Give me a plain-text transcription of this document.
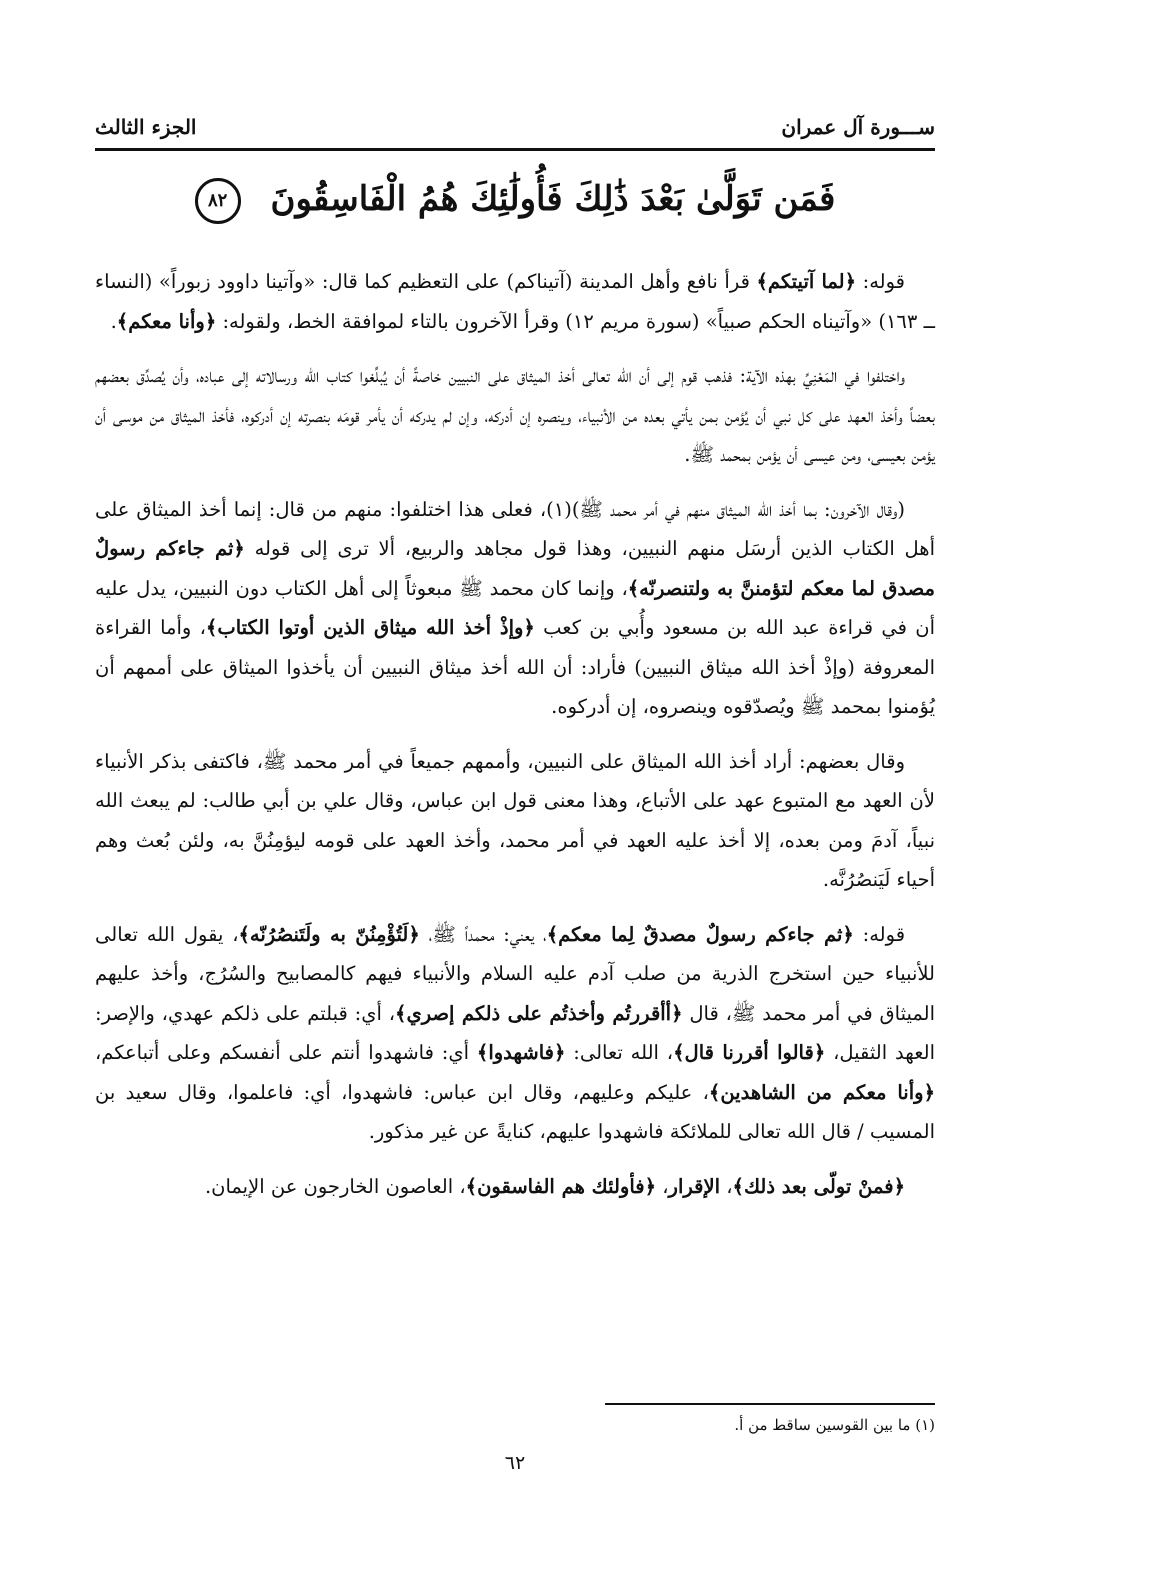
ســـورة آل عمران
الجزء الثالث
فَمَن تَوَلَّىٰ بَعْدَ ذَٰلِكَ فَأُولَٰئِكَ هُمُ الْفَاسِقُونَ ٨٢

قوله: ﴿لما آتيتكم﴾ قرأ نافع وأهل المدينة (آتيناكم) على التعظيم كما قال: «وآتينا داوود زبوراً» (النساء ــ ١٦٣) «وآتيناه الحكم صبياً» (سورة مريم ١٢) وقرأ الآخرون بالتاء لموافقة الخط، ولقوله: ﴿وأنا معكم﴾.

واختلفوا في المَعْنِيِّ بهذه الآية: فذهب قوم إلى أن الله تعالى أخذ الميثاق على النبيين خاصةً أن يُبلِّغوا كتاب الله ورسالاته إلى عباده، وأن يُصدِّق بعضهم بعضاً وأخذ العهد على كل نبي أن يُؤمن بمن يأتي بعده من الأنبياء، وينصره إن أدركه، وإن لم يدركه أن يأمر قومَه بنصرته إن أدركوه، فأخذ الميثاق من موسى أن يؤمن بعيسى، ومن عيسى أن يؤمن بمحمد ﷺ.

(وقال الآخرون: بما أخذ الله الميثاق منهم في أمر محمد ﷺ)(١)، فعلى هذا اختلفوا: منهم من قال: إنما أخذ الميثاق على أهل الكتاب الذين أرسَل منهم النبيين، وهذا قول مجاهد والربيع، ألا ترى إلى قوله ﴿ثم جاءكم رسولٌ مصدق لما معكم لتؤمننَّ به ولتنصرنّه﴾، وإنما كان محمد ﷺ مبعوثاً إلى أهل الكتاب دون النبيين، يدل عليه أن في قراءة عبد الله بن مسعود وأُبي بن كعب ﴿وإذْ أخذ الله ميثاق الذين أوتوا الكتاب﴾، وأما القراءة المعروفة (وإذْ أخذ الله ميثاق النبيين) فأراد: أن الله أخذ ميثاق النبيين أن يأخذوا الميثاق على أممهم أن يُؤمنوا بمحمد ﷺ ويُصدّقوه وينصروه، إن أدركوه.

وقال بعضهم: أراد أخذ الله الميثاق على النبيين، وأممهم جميعاً في أمر محمد ﷺ، فاكتفى بذكر الأنبياء لأن العهد مع المتبوع عهد على الأتباع، وهذا معنى قول ابن عباس، وقال علي بن أبي طالب: لم يبعث الله نبياً، آدمَ ومن بعده، إلا أخذ عليه العهد في أمر محمد، وأخذ العهد على قومه ليؤمِنُنَّ به، ولئن بُعث وهم أحياء لَيَنصُرُنَّه.

قوله: ﴿ثم جاءكم رسولٌ مصدقٌ لِما معكم﴾، يعني: محمداً ﷺ، ﴿لَتُؤْمِنُنّ به ولَتَنصُرُنّه﴾، يقول الله تعالى للأنبياء حين استخرج الذرية من صلب آدم عليه السلام والأنبياء فيهم كالمصابيح والسُرُج، وأخذ عليهم الميثاق في أمر محمد ﷺ، قال ﴿أأقررتُم وأخذتُم على ذلكم إصري﴾، أي: قبلتم على ذلكم عهدي، والإصر: العهد الثقيل، ﴿قالوا أقررنا قال﴾، الله تعالى: ﴿فاشهدوا﴾ أي: فاشهدوا أنتم على أنفسكم وعلى أتباعكم، ﴿وأنا معكم من الشاهدين﴾، عليكم وعليهم، وقال ابن عباس: فاشهدوا، أي: فاعلموا، وقال سعيد بن المسيب / قال الله تعالى للملائكة فاشهدوا عليهم، كنايةً عن غير مذكور.

﴿فمنْ تولّى بعد ذلك﴾، الإقرار، ﴿فأولئك هم الفاسقون﴾، العاصون الخارجون عن الإيمان.

(١) ما بين القوسين ساقط من أ.
٦٢
